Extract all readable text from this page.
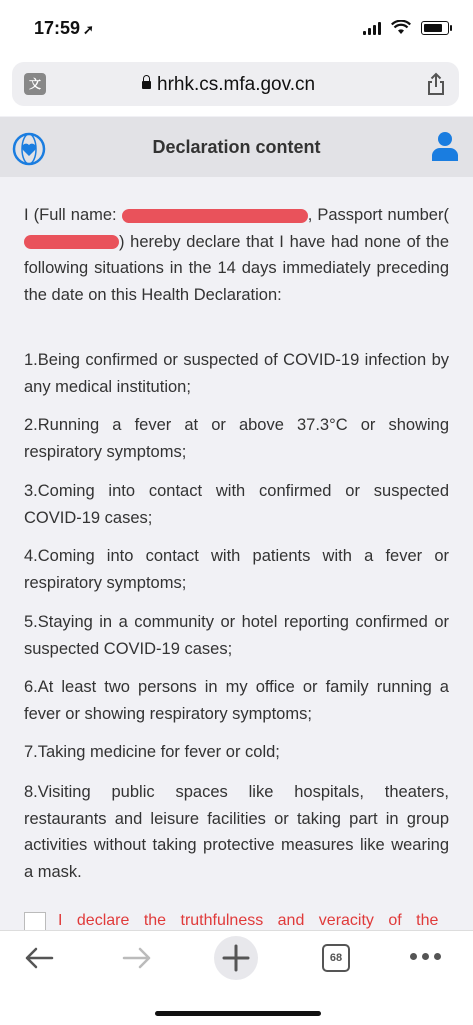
17:59 ➚
文	hrhk.cs.mfa.gov.cn
Declaration content
I (Full name:	, Passport number() hereby declare that I have had none of the following situations in the 14 days immediately preceding the date on this Health Declaration:
1.Being confirmed or suspected of COVID-19 infection by any medical institution;
2.Running a fever at or above 37.3°C or showing respiratory symptoms;
3.Coming into contact with confirmed or suspected COVID-19 cases;
4.Coming into contact with patients with a fever or respiratory symptoms;
5.Staying in a community or hotel reporting confirmed or suspected COVID-19 cases;
6.At least two persons in my office or family running a fever or showing respiratory symptoms;
7.Taking medicine for fever or cold;
8.Visiting public spaces like hospitals, theaters, restaurants and leisure facilities or taking part in group activities without taking protective measures like wearing a mask.
I declare the truthfulness and veracity of the
68
